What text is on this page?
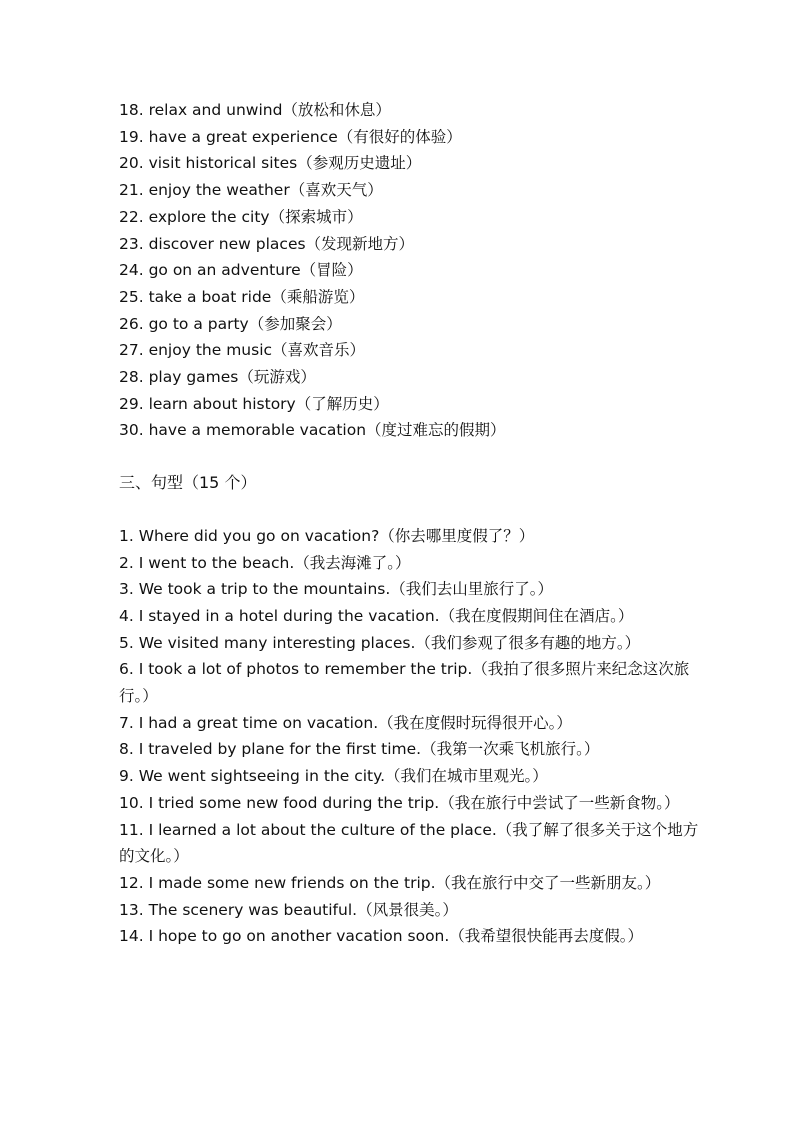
18. relax and unwind（放松和休息）

19. have a great experience（有很好的体验）

20. visit historical sites（参观历史遗址）

21. enjoy the weather（喜欢天气）

22. explore the city（探索城市）

23. discover new places（发现新地方）

24. go on an adventure（冒险）

25. take a boat ride（乘船游览）

26. go to a party（参加聚会）

27. enjoy the music（喜欢音乐）

28. play games（玩游戏）

29. learn about history（了解历史）

30. have a memorable vacation（度过难忘的假期）

三、句型（15 个）

1. Where did you go on vacation?（你去哪里度假了？）

2. I went to the beach.（我去海滩了。）

3. We took a trip to the mountains.（我们去山里旅行了。）

4. I stayed in a hotel during the vacation.（我在度假期间住在酒店。）

5. We visited many interesting places.（我们参观了很多有趣的地方。）

6. I took a lot of photos to remember the trip.（我拍了很多照片来纪念这次旅行。）

7. I had a great time on vacation.（我在度假时玩得很开心。）

8. I traveled by plane for the first time.（我第一次乘飞机旅行。）

9. We went sightseeing in the city.（我们在城市里观光。）

10. I tried some new food during the trip.（我在旅行中尝试了一些新食物。）

11. I learned a lot about the culture of the place.（我了解了很多关于这个地方的文化。）

12. I made some new friends on the trip.（我在旅行中交了一些新朋友。）

13. The scenery was beautiful.（风景很美。）

14. I hope to go on another vacation soon.（我希望很快能再去度假。）
